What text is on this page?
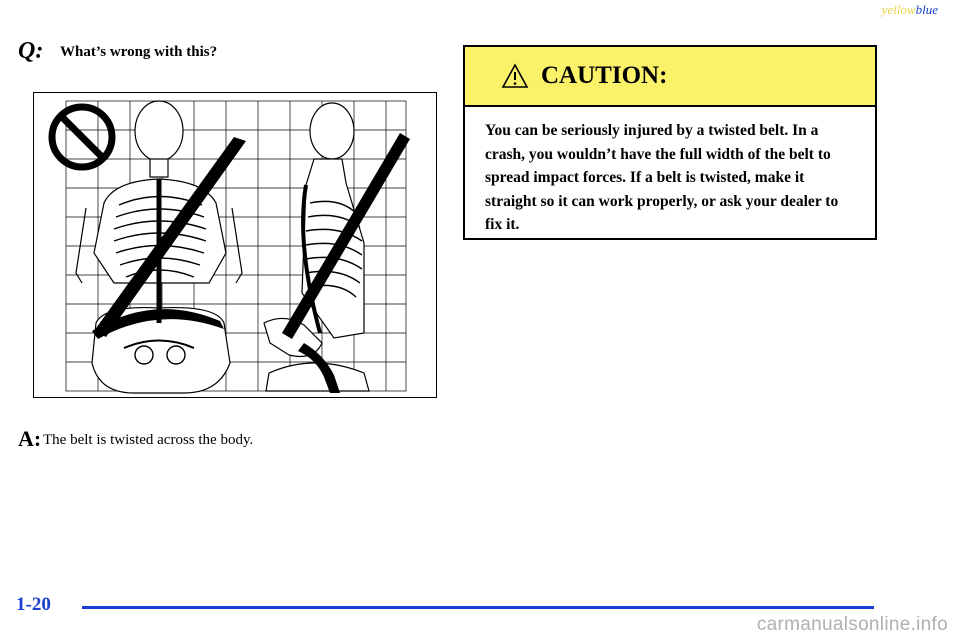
yellowblue
Q: What’s wrong with this?
A: The belt is twisted across the body.
CAUTION:
You can be seriously injured by a twisted belt. In a crash, you wouldn’t have the full width of the belt to spread impact forces. If a belt is twisted, make it straight so it can work properly, or ask your dealer to fix it.
1-20
carmanualsonline.info
